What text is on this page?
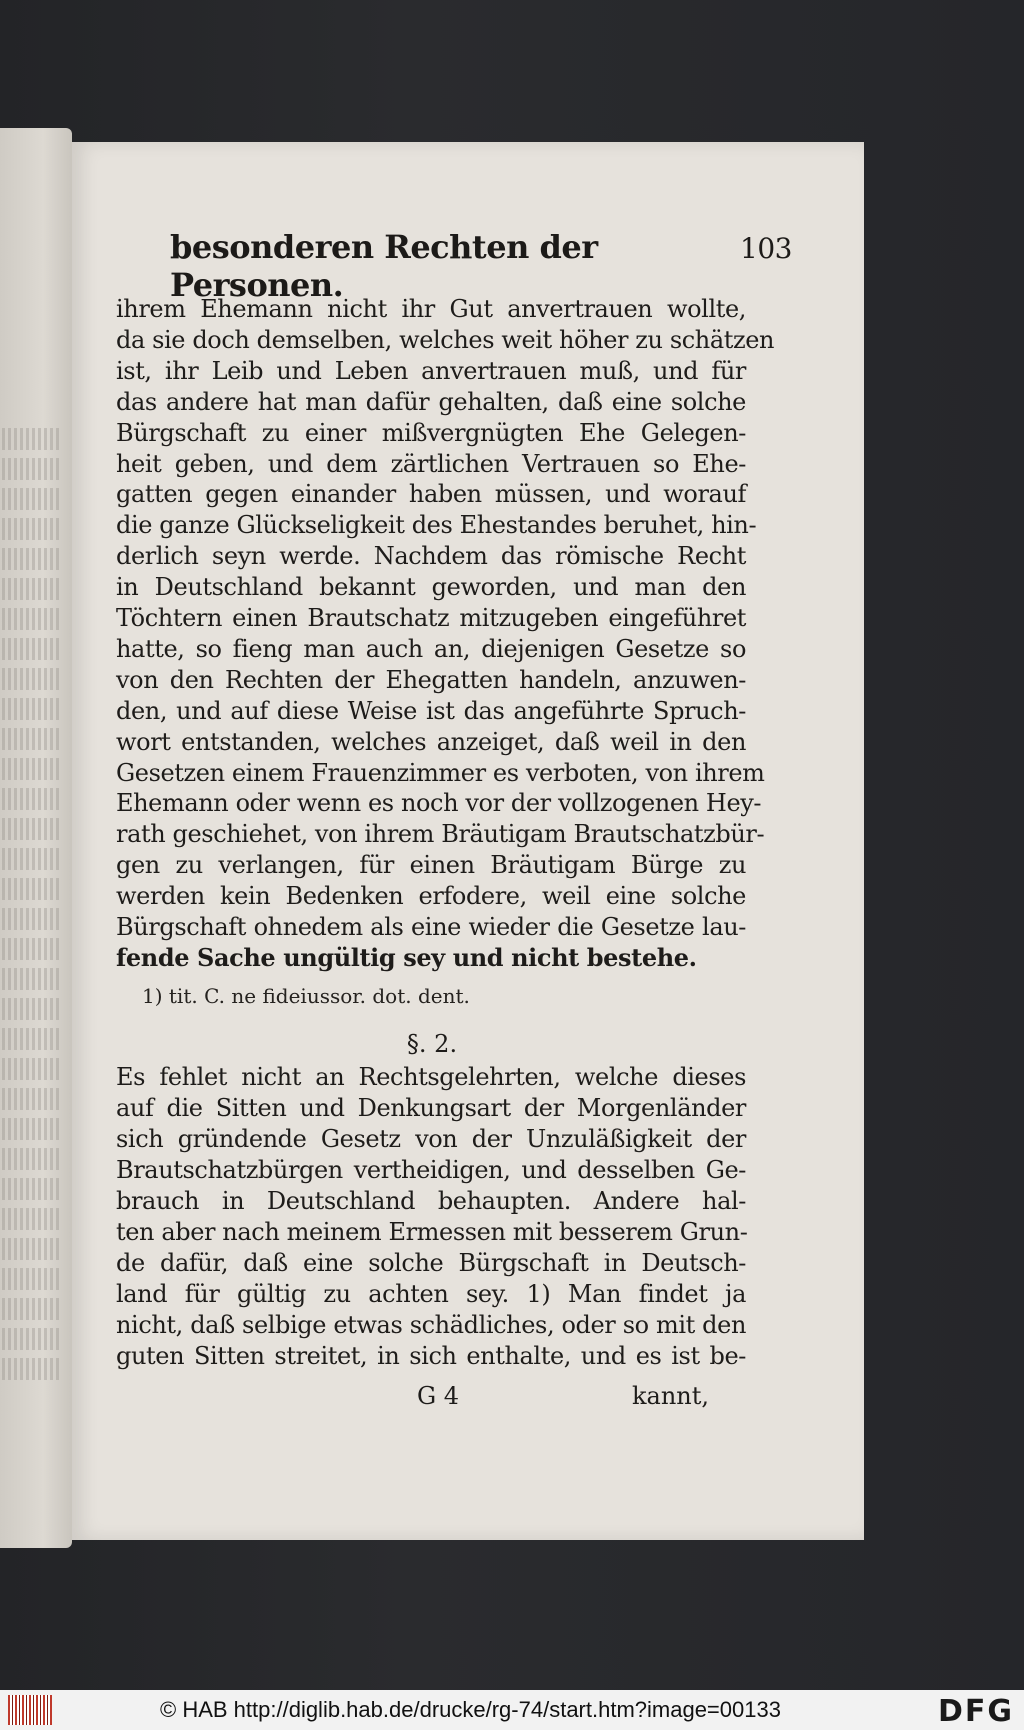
besonderen Rechten der Personen.
103
ihrem Ehemann nicht ihr Gut anvertrauen wollte,
da sie doch demselben, welches weit höher zu schätzen
ist, ihr Leib und Leben anvertrauen muß, und für
das andere hat man dafür gehalten, daß eine solche
Bürgschaft zu einer mißvergnügten Ehe Gelegen-
heit geben, und dem zärtlichen Vertrauen so Ehe-
gatten gegen einander haben müssen, und worauf
die ganze Glückseligkeit des Ehestandes beruhet, hin-
derlich seyn werde. Nachdem das römische Recht
in Deutschland bekannt geworden, und man den
Töchtern einen Brautschatz mitzugeben eingeführet
hatte, so fieng man auch an, diejenigen Gesetze so
von den Rechten der Ehegatten handeln, anzuwen-
den, und auf diese Weise ist das angeführte Spruch-
wort entstanden, welches anzeiget, daß weil in den
Gesetzen einem Frauenzimmer es verboten, von ihrem
Ehemann oder wenn es noch vor der vollzogenen Hey-
rath geschiehet, von ihrem Bräutigam Brautschatzbür-
gen zu verlangen, für einen Bräutigam Bürge zu
werden kein Bedenken erfodere, weil eine solche
Bürgschaft ohnedem als eine wieder die Gesetze lau-
fende Sache ungültig sey und nicht bestehe.
1) tit. C. ne fideiussor. dot. dent.
§. 2.
Es fehlet nicht an Rechtsgelehrten, welche dieses
auf die Sitten und Denkungsart der Morgenländer
sich gründende Gesetz von der Unzuläßigkeit der
Brautschatzbürgen vertheidigen, und desselben Ge-
brauch in Deutschland behaupten. Andere hal-
ten aber nach meinem Ermessen mit besserem Grun-
de dafür, daß eine solche Bürgschaft in Deutsch-
land für gültig zu achten sey. 1) Man findet ja
nicht, daß selbige etwas schädliches, oder so mit den
guten Sitten streitet, in sich enthalte, und es ist be-
G 4	kannt,
© HAB http://diglib.hab.de/drucke/rg-74/start.htm?image=00133	DFG
